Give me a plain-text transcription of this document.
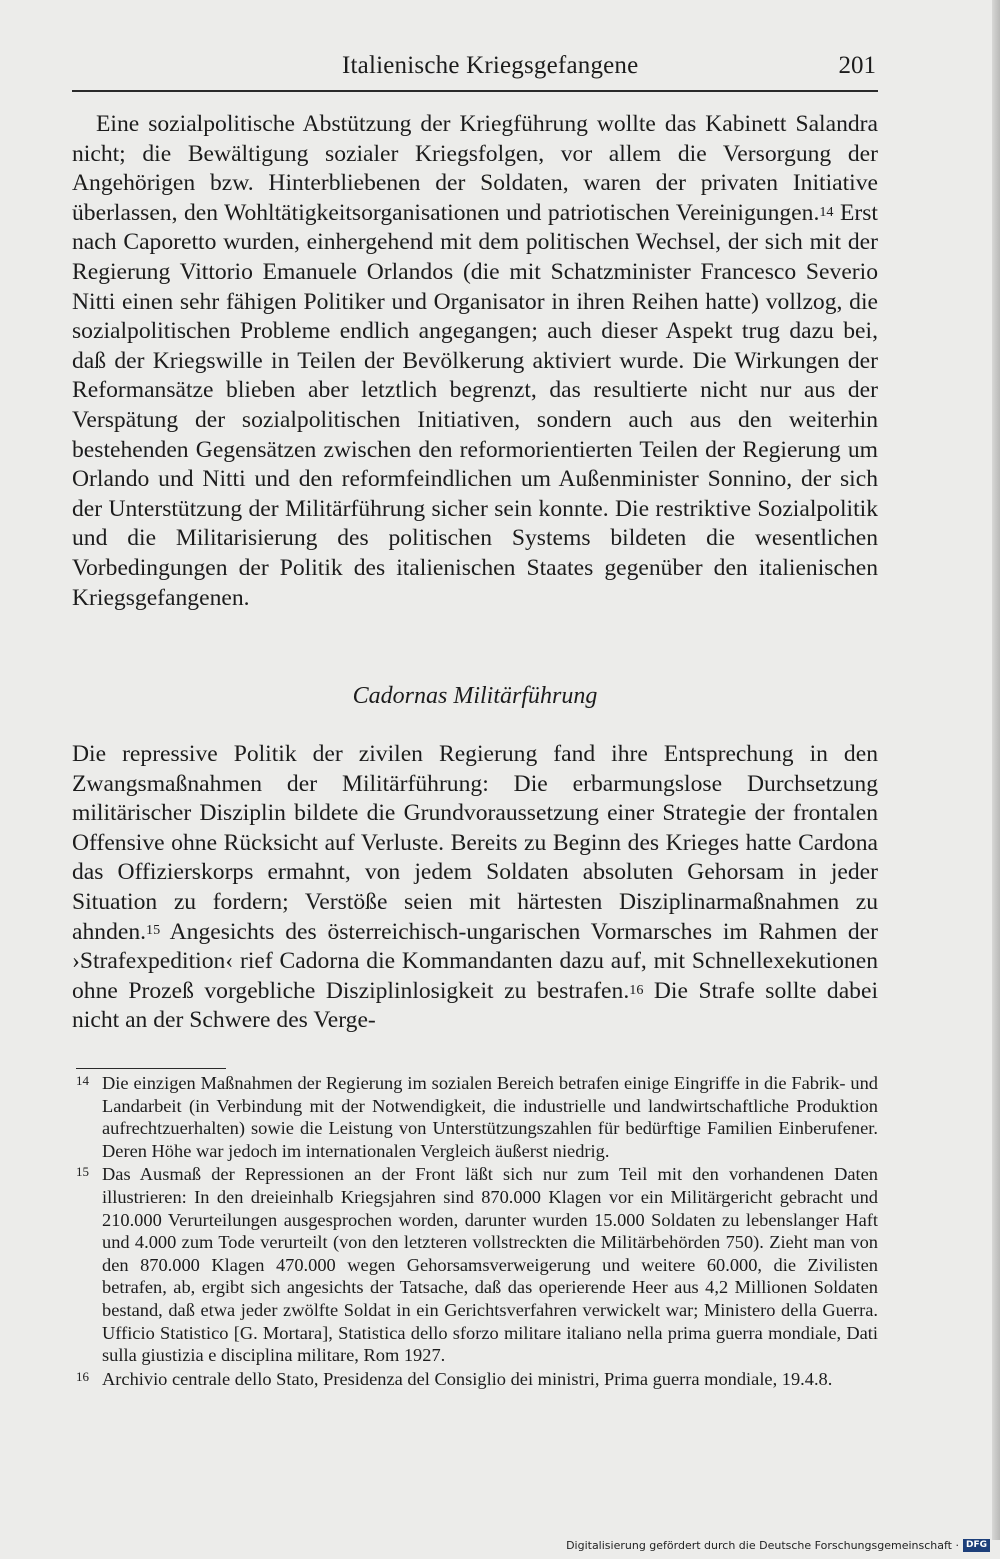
Italienische Kriegsgefangene	201

Eine sozialpolitische Abstützung der Kriegführung wollte das Kabinett Salandra nicht; die Bewältigung sozialer Kriegsfolgen, vor allem die Versorgung der Angehörigen bzw. Hinterbliebenen der Soldaten, waren der privaten Initiative überlassen, den Wohltätigkeitsorganisationen und patriotischen Vereinigungen.$^{14}$ Erst nach Caporetto wurden, einhergehend mit dem politischen Wechsel, der sich mit der Regierung Vittorio Emanuele Orlandos (die mit Schatzminister Francesco Severio Nitti einen sehr fähigen Politiker und Organisator in ihren Reihen hatte) vollzog, die sozialpolitischen Probleme endlich angegangen; auch dieser Aspekt trug dazu bei, daß der Kriegswille in Teilen der Bevölkerung aktiviert wurde. Die Wirkungen der Reformansätze blieben aber letztlich begrenzt, das resultierte nicht nur aus der Verspätung der sozialpolitischen Initiativen, sondern auch aus den weiterhin bestehenden Gegensätzen zwischen den reformorientierten Teilen der Regierung um Orlando und Nitti und den reformfeindlichen um Außenminister Sonnino, der sich der Unterstützung der Militärführung sicher sein konnte. Die restriktive Sozialpolitik und die Militarisierung des politischen Systems bildeten die wesentlichen Vorbedingungen der Politik des italienischen Staates gegenüber den italienischen Kriegsgefangenen.

Cadornas Militärführung

Die repressive Politik der zivilen Regierung fand ihre Entsprechung in den Zwangsmaßnahmen der Militärführung: Die erbarmungslose Durchsetzung militärischer Disziplin bildete die Grundvoraussetzung einer Strategie der frontalen Offensive ohne Rücksicht auf Verluste. Bereits zu Beginn des Krieges hatte Cardona das Offizierskorps ermahnt, von jedem Soldaten absoluten Gehorsam in jeder Situation zu fordern; Verstöße seien mit härtesten Disziplinarmaßnahmen zu ahnden.$^{15}$ Angesichts des österreichisch-ungarischen Vormarsches im Rahmen der ›Strafexpedition‹ rief Cadorna die Kommandanten dazu auf, mit Schnellexekutionen ohne Prozeß vorgebliche Disziplinlosigkeit zu bestrafen.$^{16}$ Die Strafe sollte dabei nicht an der Schwere des Verge-

14 Die einzigen Maßnahmen der Regierung im sozialen Bereich betrafen einige Eingriffe in die Fabrik- und Landarbeit (in Verbindung mit der Notwendigkeit, die industrielle und landwirtschaftliche Produktion aufrechtzuerhalten) sowie die Leistung von Unterstützungszahlen für bedürftige Familien Einberufener. Deren Höhe war jedoch im internationalen Vergleich äußerst niedrig.
15 Das Ausmaß der Repressionen an der Front läßt sich nur zum Teil mit den vorhandenen Daten illustrieren: In den dreieinhalb Kriegsjahren sind 870.000 Klagen vor ein Militärgericht gebracht und 210.000 Verurteilungen ausgesprochen worden, darunter wurden 15.000 Soldaten zu lebenslanger Haft und 4.000 zum Tode verurteilt (von den letzteren vollstreckten die Militärbehörden 750). Zieht man von den 870.000 Klagen 470.000 wegen Gehorsamsverweigerung und weitere 60.000, die Zivilisten betrafen, ab, ergibt sich angesichts der Tatsache, daß das operierende Heer aus 4,2 Millionen Soldaten bestand, daß etwa jeder zwölfte Soldat in ein Gerichtsverfahren verwickelt war; Ministero della Guerra. Ufficio Statistico [G. Mortara], Statistica dello sforzo militare italiano nella prima guerra mondiale, Dati sulla giustizia e disciplina militare, Rom 1927.
16 Archivio centrale dello Stato, Presidenza del Consiglio dei ministri, Prima guerra mondiale, 19.4.8.
Digitalisierung gefördert durch die Deutsche Forschungsgemeinschaft · DFG
